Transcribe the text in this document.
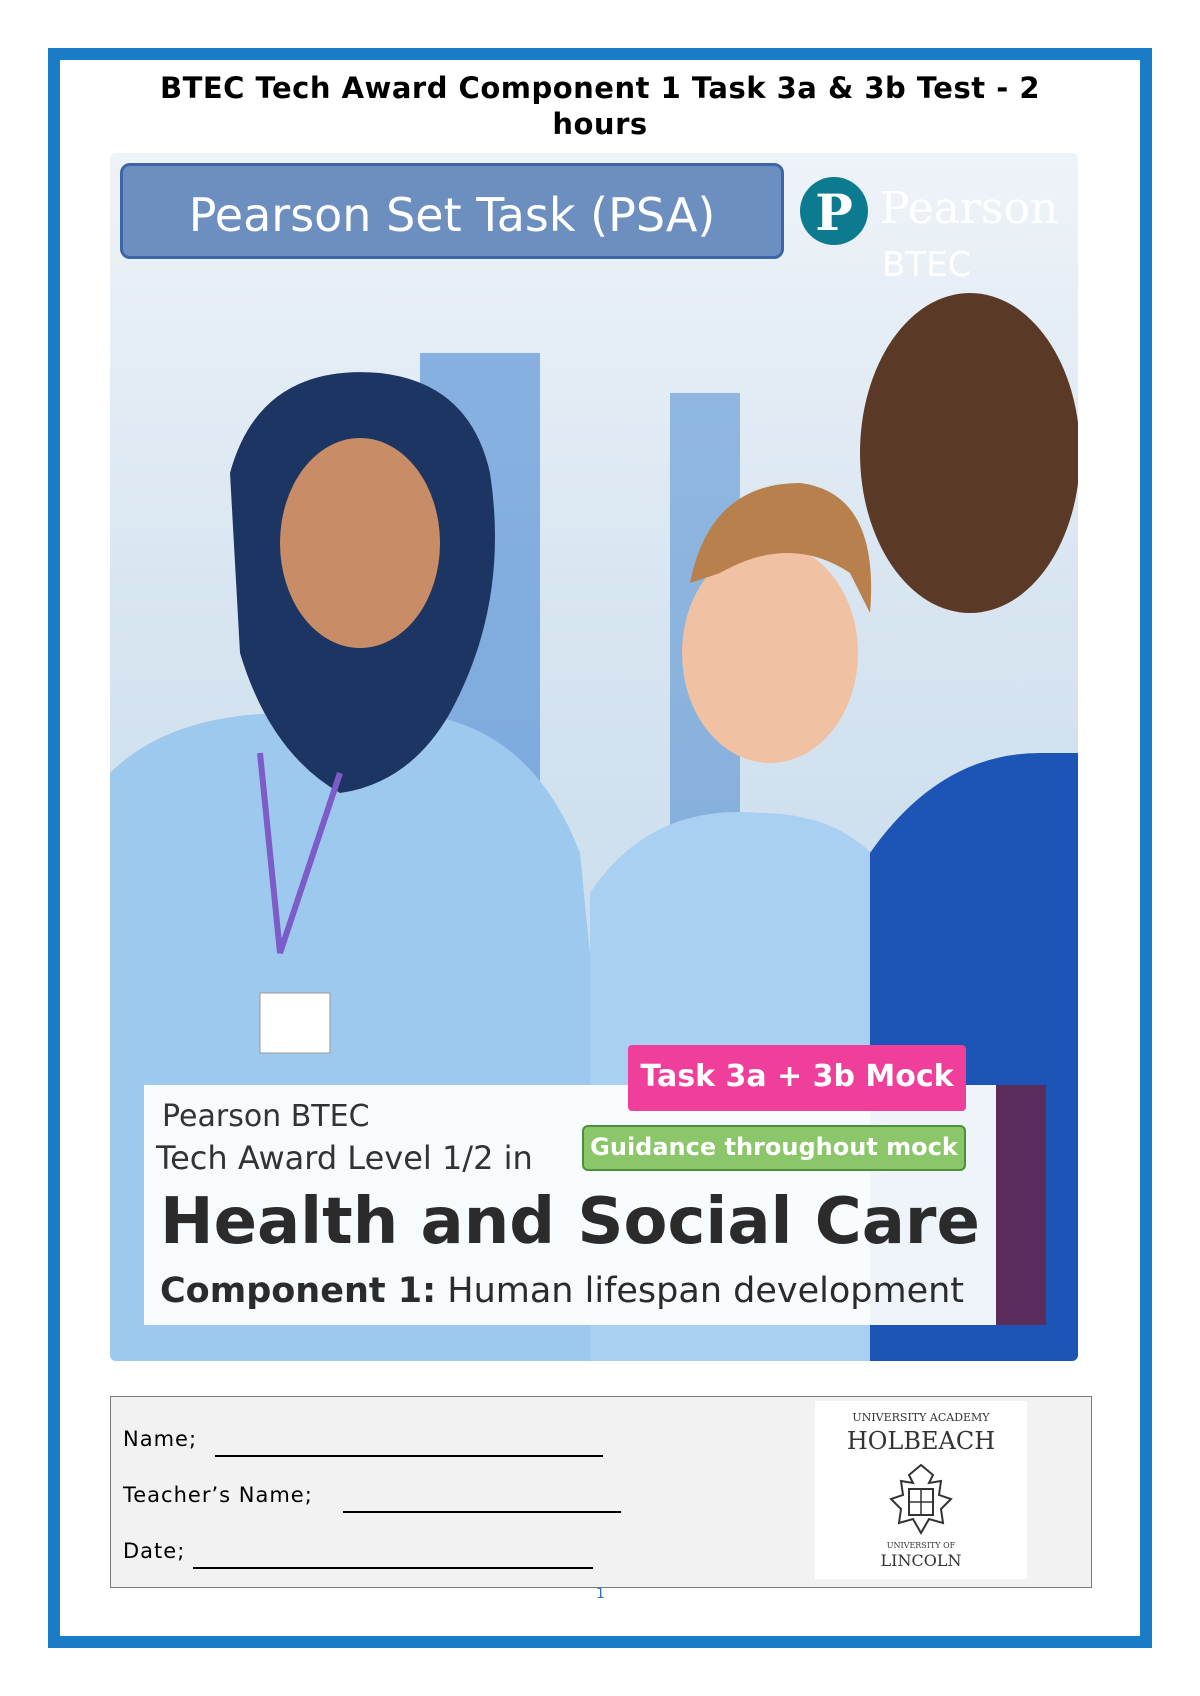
BTEC Tech Award Component 1 Task 3a & 3b Test - 2 hours
Pearson Set Task (PSA)	P Pearson
BTEC
Pearson BTEC
Tech Award Level 1/2 in
Health and Social Care
Component 1: Human lifespan development
Task 3a + 3b Mock
Guidance throughout mock
Name;
Teacher’s Name;
Date;
UNIVERSITY ACADEMY
HOLBEACH
UNIVERSITY OF
LINCOLN
1
